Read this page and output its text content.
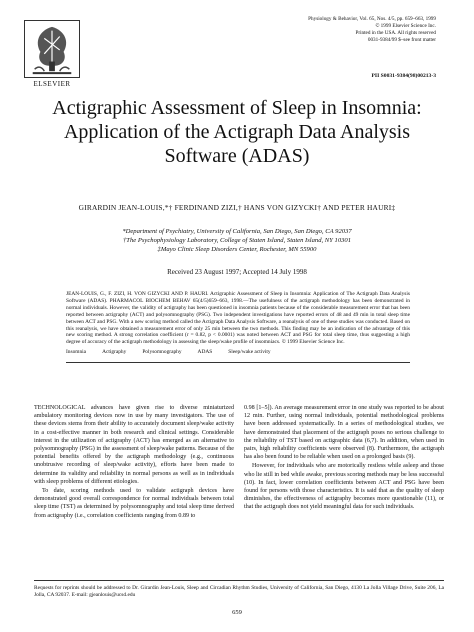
ELSEVIER
Physiology & Behavior, Vol. 65, Nos. 4/5, pp. 659–663, 1999
© 1999 Elsevier Science Inc.
Printed in the USA. All rights reserved
0031-9384/99 $–see front matter
PII S0031-9384(98)00213-3
Actigraphic Assessment of Sleep in Insomnia: Application of the Actigraph Data Analysis Software (ADAS)
GIRARDIN JEAN-LOUIS,*† FERDINAND ZIZI,† HANS VON GIZYCKI† AND PETER HAURI‡
*Department of Psychiatry, University of California, San Diego, San Diego, CA 92037
†The Psychophysiology Laboratory, College of Staten Island, Staten Island, NY 10301
‡Mayo Clinic Sleep Disorders Center, Rochester, MN 55900
Received 23 August 1997; Accepted 14 July 1998
JEAN-LOUIS, G., F. ZIZI, H. VON GIZYCKI AND P. HAURI. Actigraphic Assessment of Sleep in Insomnia: Application of The Actigraph Data Analysis Software (ADAS). PHARMACOL BIOCHEM BEHAV 65(4/5)659–663, 1998.—The usefulness of the actigraph methodology has been demonstrated in normal individuals. However, the validity of actigraphy has been questioned in insomnia patients because of the considerable measurement error that has been reported between actigraphy (ACT) and polysomnography (PSG). Two independent investigations have reported errors of 48 and 49 min in total sleep time between ACT and PSG. With a new scoring method called the Actigraph Data Analysis Software, a reanalysis of one of these studies was conducted. Based on this reanalysis, we have obtained a measurement error of only 25 min between the two methods. This finding may be an indication of the advantage of this new scoring method. A strong correlation coefficient (r = 0.82, p < 0.0001) was noted between ACT and PSG for total sleep time, thus suggesting a high degree of accuracy of the actigraph methodology in assessing the sleep/wake profile of insomniacs. © 1999 Elsevier Science Inc.
Insomnia	Actigraphy	Polysomnography	ADAS	Sleep/wake activity

TECHNOLOGICAL advances have given rise to diverse miniaturized ambulatory monitoring devices now in use by many investigators. The use of these devices stems from their ability to accurately document sleep/wake activity in a cost-effective manner in both research and clinical settings. Considerable interest in the utilization of actigraphy (ACT) has emerged as an alternative to polysomnography (PSG) in the assessment of sleep/wake patterns. Because of the potential benefits offered by the actigraph methodology (e.g., continuous unobtrusive recording of sleep/wake activity), efforts have been made to determine its validity and reliability in normal persons as well as in individuals with sleep problems of different etiologies.

To date, scoring methods used to validate actigraph devices have demonstrated good overall correspondence for normal individuals between total sleep time (TST) as determined by polysomnography and total sleep time derived from actigraphy (i.e., correlation coefficients ranging from 0.89 to

0.98 [1–5]). An average measurement error in one study was reported to be about 12 min. Further, using normal individuals, potential methodological problems have been addressed systematically. In a series of methodological studies, we have demonstrated that placement of the actigraph poses no serious challenge to the reliability of TST based on actigraphic data (6,7). In addition, when used in pairs, high reliability coefficients were observed (8). Furthermore, the actigraph has also been found to be reliable when used on a prolonged basis (9).

However, for individuals who are motorically restless while asleep and those who lie still in bed while awake, previous scoring methods may be less successful (10). In fact, lower correlation coefficients between ACT and PSG have been found for persons with those characteristics. It is said that as the quality of sleep diminishes, the effectiveness of actigraphy becomes more questionable (11), or that the actigraph does not yield meaningful data for such individuals.

Requests for reprints should be addressed to Dr. Girardin Jean-Louis, Sleep and Circadian Rhythm Studies, University of California, San Diego, 4130 La Jolla Village Drive, Suite 206, La Jolla, CA 92037. E-mail: gjeanlouis@ucsd.edu
659
